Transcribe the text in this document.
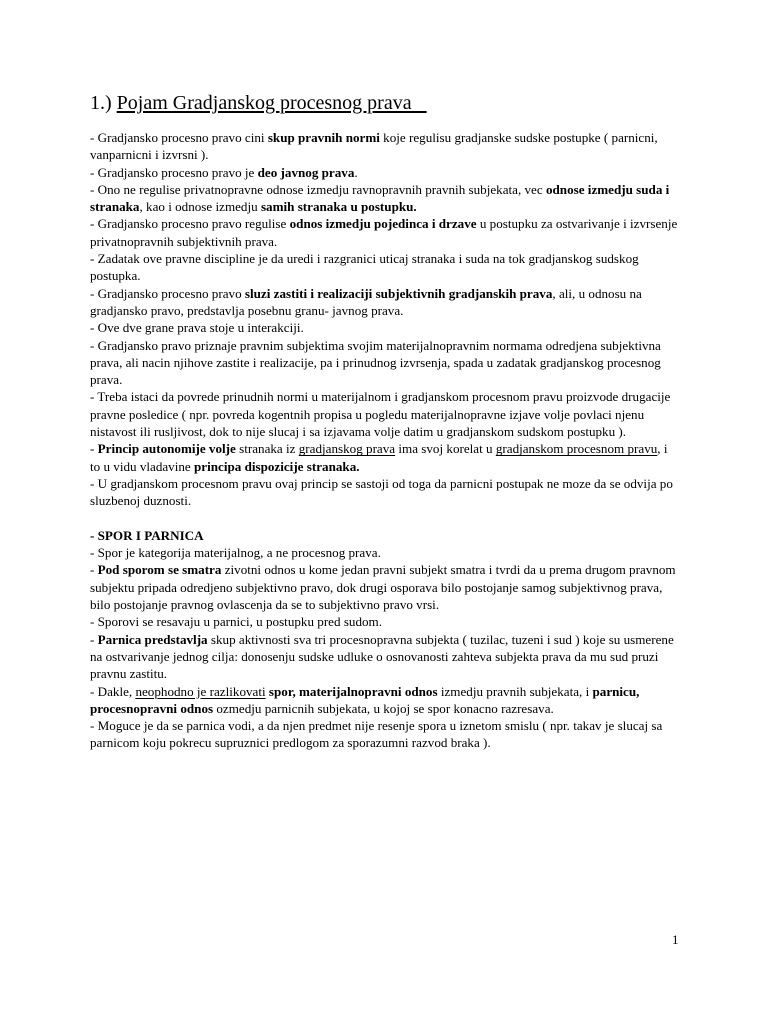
1.) Pojam Gradjanskog procesnog prava

- Gradjansko procesno pravo cini skup pravnih normi koje regulisu gradjanske sudske postupke ( parnicni, vanparnicni i izvrsni ).

- Gradjansko procesno pravo je deo javnog prava.

- Ono ne regulise privatnopravne odnose izmedju ravnopravnih pravnih subjekata, vec odnose izmedju suda i stranaka, kao i odnose izmedju samih stranaka u postupku.

- Gradjansko procesno pravo regulise odnos izmedju pojedinca i drzave u postupku za ostvarivanje i izvrsenje privatnopravnih subjektivnih prava.

- Zadatak ove pravne discipline je da uredi i razgranici uticaj stranaka i suda na tok gradjanskog sudskog postupka.

- Gradjansko procesno pravo sluzi zastiti i realizaciji subjektivnih gradjanskih prava, ali, u odnosu na gradjansko pravo, predstavlja posebnu granu- javnog prava.

- Ove dve grane prava stoje u interakciji.

- Gradjansko pravo priznaje pravnim subjektima svojim materijalnopravnim normama odredjena subjektivna prava, ali nacin njihove zastite i realizacije, pa i prinudnog izvrsenja, spada u zadatak gradjanskog procesnog prava.

- Treba istaci da povrede prinudnih normi u materijalnom i gradjanskom procesnom pravu proizvode drugacije pravne posledice ( npr. povreda kogentnih propisa u pogledu materijalnopravne izjave volje povlaci njenu nistavost ili rusljivost, dok to nije slucaj i sa izjavama volje datim u gradjanskom sudskom postupku ).

- Princip autonomije volje stranaka iz gradjanskog prava ima svoj korelat u gradjanskom procesnom pravu, i to u vidu vladavine principa dispozicije stranaka.

- U gradjanskom procesnom pravu ovaj princip se sastoji od toga da parnicni postupak ne moze da se odvija po sluzbenoj duznosti.

- SPOR I PARNICA

- Spor je kategorija materijalnog, a ne procesnog prava.

- Pod sporom se smatra zivotni odnos u kome jedan pravni subjekt smatra i tvrdi da u prema drugom pravnom subjektu pripada odredjeno subjektivno pravo, dok drugi osporava bilo postojanje samog subjektivnog prava, bilo postojanje pravnog ovlascenja da se to subjektivno pravo vrsi.

- Sporovi se resavaju u parnici, u postupku pred sudom.

- Parnica predstavlja skup aktivnosti sva tri procesnopravna subjekta ( tuzilac, tuzeni i sud ) koje su usmerene na ostvarivanje jednog cilja: donosenju sudske udluke o osnovanosti zahteva subjekta prava da mu sud pruzi pravnu zastitu.

- Dakle, neophodno je razlikovati spor, materijalnopravni odnos izmedju pravnih subjekata, i parnicu, procesnopravni odnos ozmedju parnicnih subjekata, u kojoj se spor konacno razresava.

- Moguce je da se parnica vodi, a da njen predmet nije resenje spora u iznetom smislu ( npr. takav je slucaj sa parnicom koju pokrecu supruznici predlogom za sporazumni razvod braka ).

1
